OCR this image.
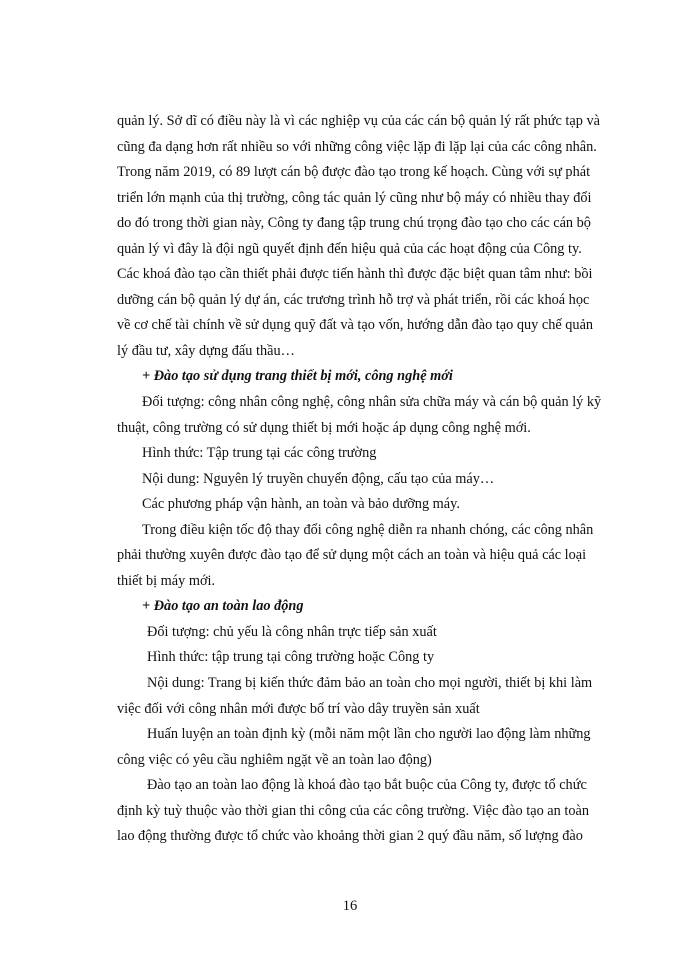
quản lý. Sở dĩ có điều này là vì các nghiệp vụ của các cán bộ quản lý rất phức tạp và
cũng đa dạng hơn rất nhiều so với những công việc lặp đi lặp lại của các công nhân.
Trong năm 2019, có 89 lượt cán bộ được đào tạo trong kế hoạch. Cùng với sự phát
triển lớn mạnh của thị trường, công tác quản lý cũng như bộ máy có nhiều thay đổi
do đó trong thời gian này, Công ty đang tập trung chú trọng đào tạo cho các cán bộ
quản lý vì đây là đội ngũ quyết định đến hiệu quả của các hoạt động của Công ty.
Các khoá đào tạo cần thiết phải được tiến hành thì được đặc biệt quan tâm như: bồi
dưỡng cán bộ quản lý dự án, các trương trình hỗ trợ và phát triển, rồi các khoá học
về cơ chế tài chính về sử dụng quỹ đất và tạo vốn, hướng dẫn đào tạo quy chế quản
lý đầu tư, xây dựng đấu thầu…
+ Đào tạo sử dụng trang thiết bị mới, công nghệ mới
Đối tượng: công nhân công nghệ, công nhân sửa chữa máy và cán bộ quản lý kỹ
thuật, công trường có sử dụng thiết bị mới hoặc áp dụng công nghệ mới.
Hình thức: Tập trung tại các công trường
Nội dung: Nguyên lý truyền chuyển động, cấu tạo của máy…
Các phương pháp vận hành, an toàn và bảo dưỡng máy.
Trong điều kiện tốc độ thay đổi công nghệ diễn ra nhanh chóng, các công nhân
phải thường xuyên được đào tạo để sử dụng một cách an toàn và hiệu quả các loại
thiết bị máy mới.
+ Đào tạo an toàn lao động
Đối tượng: chủ yếu là công nhân trực tiếp sản xuất
Hình thức: tập trung tại công trường hoặc Công ty
Nội dung: Trang bị kiến thức đảm bảo an toàn cho mọi người, thiết bị khi làm
việc đối với công nhân mới được bố trí vào dây truyền sản xuất
Huấn luyện an toàn định kỳ (mỗi năm một lần cho người lao động làm những
công việc có yêu cầu nghiêm ngặt về an toàn lao động)
Đào tạo an toàn lao động là khoá đào tạo bắt buộc của Công ty, được tổ chức
định kỳ tuỳ thuộc vào thời gian thi công của các công trường. Việc đào tạo an toàn
lao động thường được tổ chức vào khoảng thời gian 2 quý đầu năm, số lượng đào
16
